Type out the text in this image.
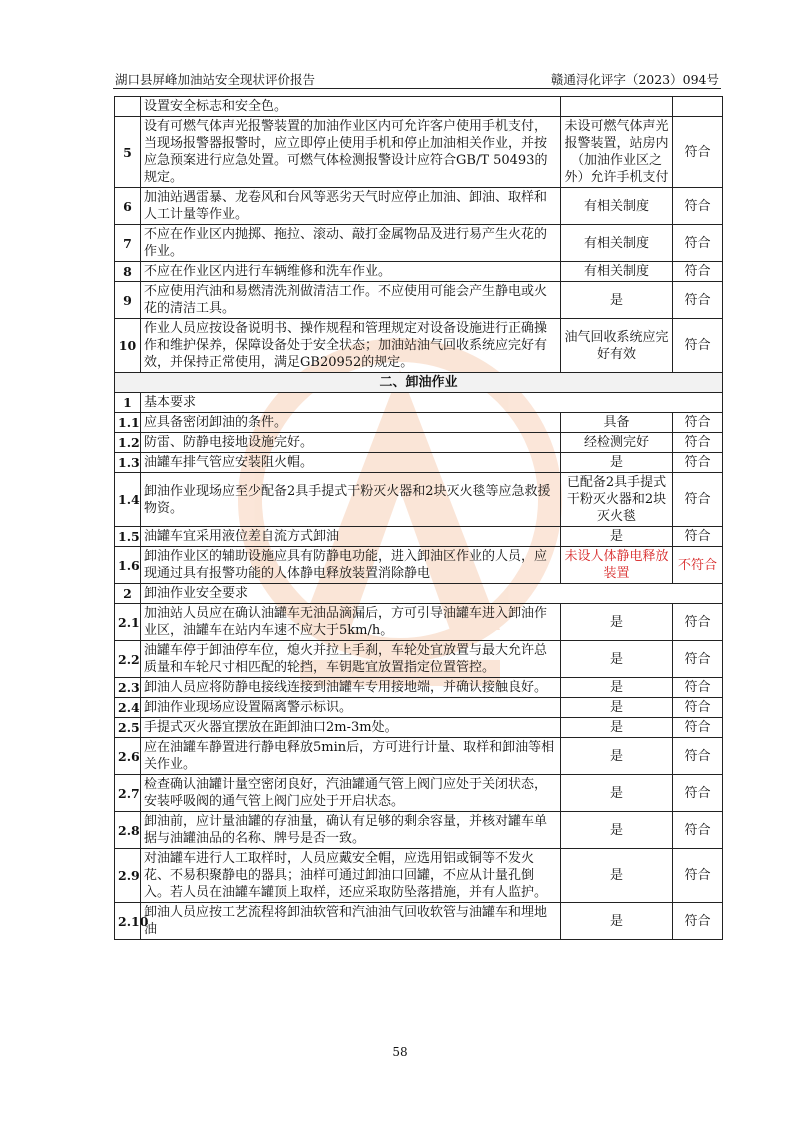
湖口县屏峰加油站安全现状评价报告	赣通浔化评字（2023）094号
	设置安全标志和安全色。		
5	设有可燃气体声光报警装置的加油作业区内可允许客户使用手机支付，当现场报警器报警时，应立即停止使用手机和停止加油相关作业，并按应急预案进行应急处置。可燃气体检测报警设计应符合GB/T 50493的规定。	未设可燃气体声光报警装置，站房内（加油作业区之外）允许手机支付	符合
6	加油站遇雷暴、龙卷风和台风等恶劣天气时应停止加油、卸油、取样和人工计量等作业。	有相关制度	符合
7	不应在作业区内抛掷、拖拉、滚动、敲打金属物品及进行易产生火花的作业。	有相关制度	符合
8	不应在作业区内进行车辆维修和洗车作业。	有相关制度	符合
9	不应使用汽油和易燃清洗剂做清洁工作。不应使用可能会产生静电或火花的清洁工具。	是	符合
10	作业人员应按设备说明书、操作规程和管理规定对设备设施进行正确操作和维护保养，保障设备处于安全状态；加油站油气回收系统应完好有效，并保持正常使用，满足GB20952的规定。	油气回收系统应完好有效	符合
二、卸油作业			
1	基本要求		
1.1	应具备密闭卸油的条件。	具备	符合
1.2	防雷、防静电接地设施完好。	经检测完好	符合
1.3	油罐车排气管应安装阻火帽。	是	符合
1.4	卸油作业现场应至少配备2具手提式干粉灭火器和2块灭火毯等应急救援物资。	已配备2具手提式干粉灭火器和2块灭火毯	符合
1.5	油罐车宜采用液位差自流方式卸油	是	符合
1.6	卸油作业区的辅助设施应具有防静电功能，进入卸油区作业的人员，应现通过具有报警功能的人体静电释放装置消除静电	未设人体静电释放装置	不符合
2	卸油作业安全要求		
2.1	加油站人员应在确认油罐车无油品滴漏后，方可引导油罐车进入卸油作业区，油罐车在站内车速不应大于5km/h。	是	符合
2.2	油罐车停于卸油停车位，熄火并拉上手刹，车轮处宜放置与最大允许总质量和车轮尺寸相匹配的轮挡，车钥匙宜放置指定位置管控。	是	符合
2.3	卸油人员应将防静电接线连接到油罐车专用接地端，并确认接触良好。	是	符合
2.4	卸油作业现场应设置隔离警示标识。	是	符合
2.5	手提式灭火器宜摆放在距卸油口2m-3m处。	是	符合
2.6	应在油罐车静置进行静电释放5min后，方可进行计量、取样和卸油等相关作业。	是	符合
2.7	检查确认油罐计量空密闭良好，汽油罐通气管上阀门应处于关闭状态，安装呼吸阀的通气管上阀门应处于开启状态。	是	符合
2.8	卸油前，应计量油罐的存油量，确认有足够的剩余容量，并核对罐车单据与油罐油品的名称、牌号是否一致。	是	符合
2.9	对油罐车进行人工取样时，人员应戴安全帽，应选用铝或铜等不发火花、不易积聚静电的器具；油样可通过卸油口回罐，不应从计量孔倒入。若人员在油罐车罐顶上取样，还应采取防坠落措施，并有人监护。	是	符合
2.10	卸油人员应按工艺流程将卸油软管和汽油油气回收软管与油罐车和埋地油	是	符合
58
